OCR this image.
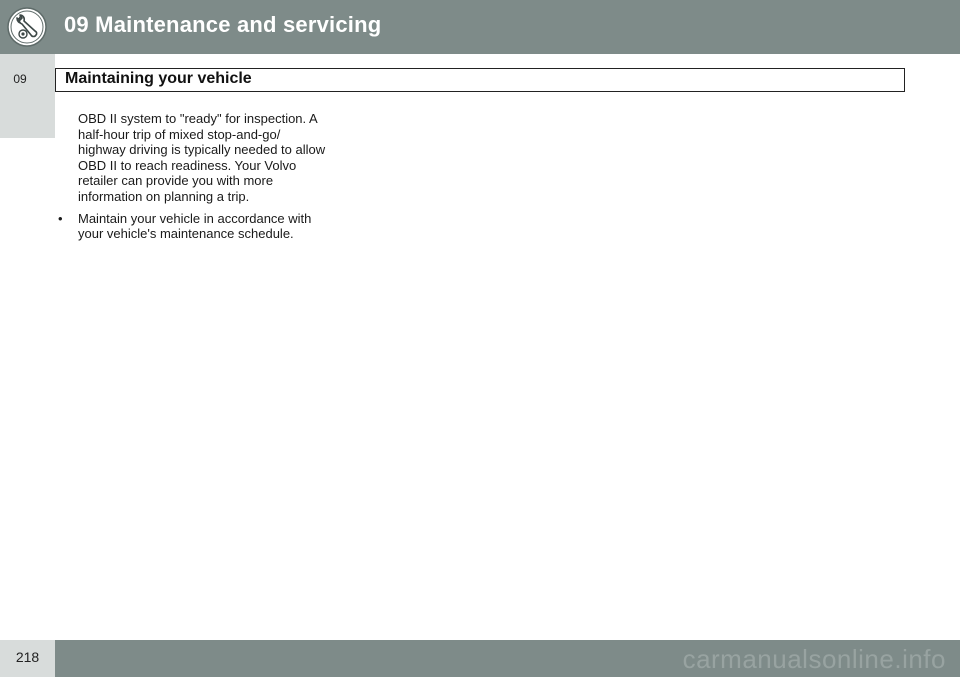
09 Maintenance and servicing
09	Maintaining your vehicle

OBD II system to "ready" for inspection. A half-hour trip of mixed stop-and-go/ highway driving is typically needed to allow OBD II to reach readiness. Your Volvo retailer can provide you with more information on planning a trip.

• Maintain your vehicle in accordance with your vehicle's maintenance schedule.

218	carmanualsonline.info
